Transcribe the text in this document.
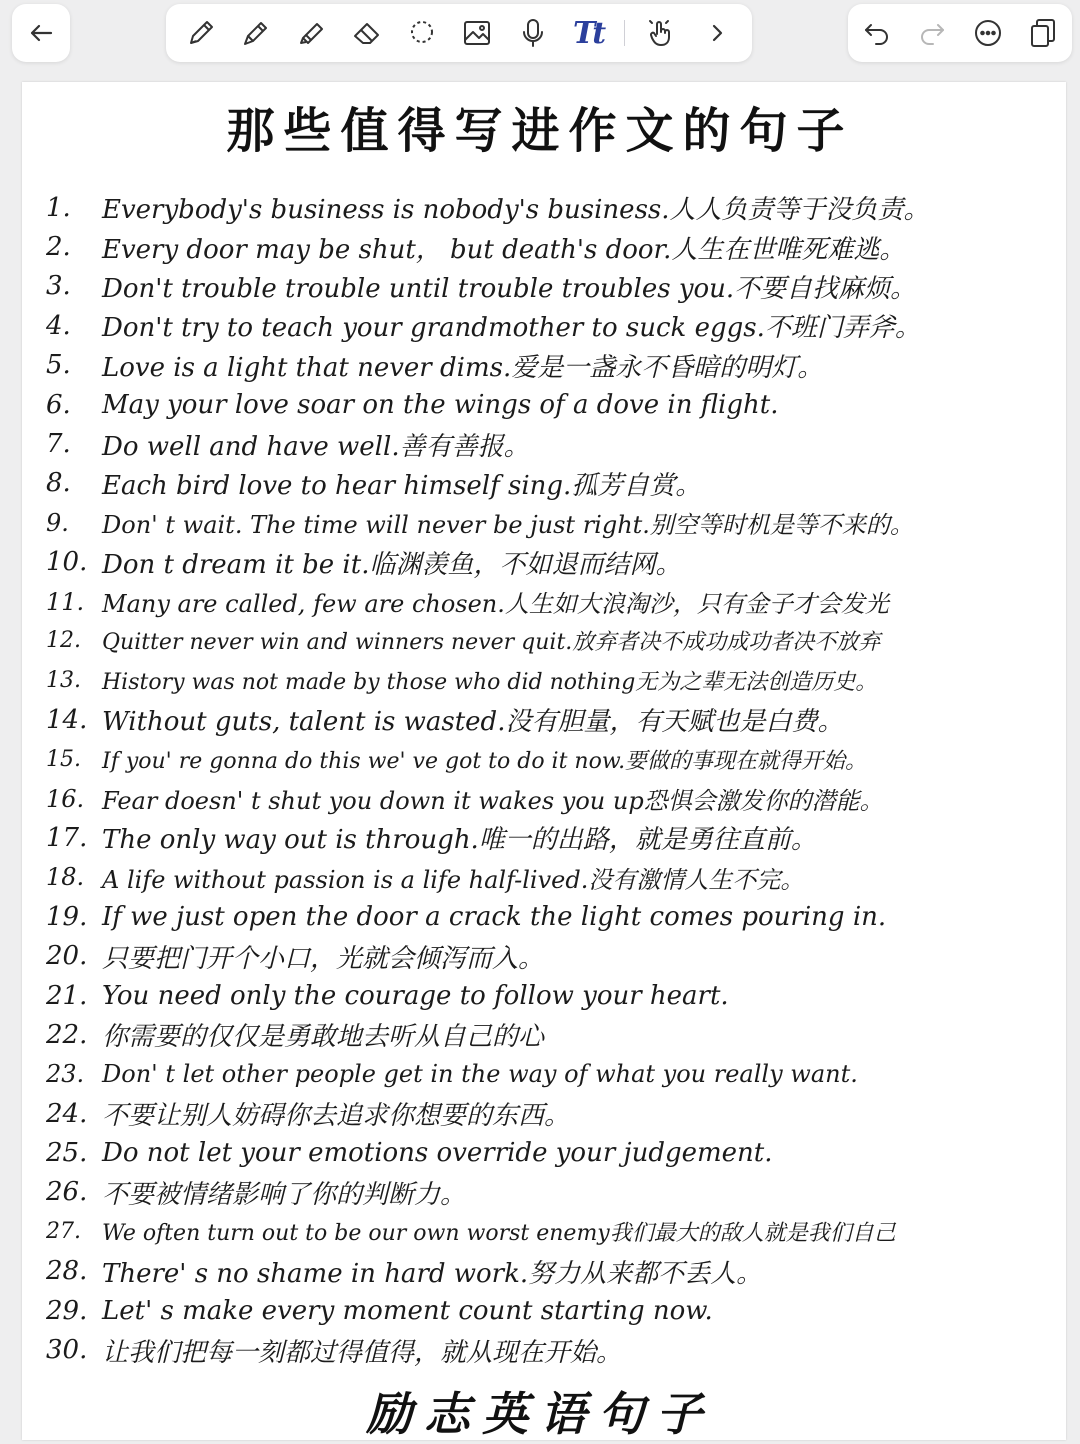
Tt
那些值得写进作文的句子
1.	Everybody's business is nobody's business.人人负责等于没负责。
2.	Every door may be shut， but death's door.人生在世唯死难逃。
3.	Don't trouble trouble until trouble troubles you.不要自找麻烦。
4.	Don't try to teach your grandmother to suck eggs.不班门弄斧。
5.	Love is a light that never dims.爱是一盏永不昏暗的明灯。
6.	May your love soar on the wings of a dove in flight.
7.	Do well and have well.善有善报。
8.	Each bird love to hear himself sing.孤芳自赏。
9.	Don' t wait. The time will never be just right.别空等时机是等不来的。
10. Don t dream it be it.临渊羡鱼，不如退而结网。
11. Many are called, few are chosen.人生如大浪淘沙，只有金子才会发光
12. Quitter never win and winners never quit.放弃者决不成功成功者决不放弃
13. History was not made by those who did nothing无为之辈无法创造历史。
14. Without guts, talent is wasted.没有胆量，有天赋也是白费。
15. If you' re gonna do this we' ve got to do it now.要做的事现在就得开始。
16. Fear doesn' t shut you down it wakes you up恐惧会激发你的潜能。
17. The only way out is through.唯一的出路，就是勇往直前。
18. A life without passion is a life half-lived.没有激情人生不完。
19. If we just open the door a crack the light comes pouring in.
20. 只要把门开个小口，光就会倾泻而入。
21. You need only the courage to follow your heart.
22. 你需要的仅仅是勇敢地去听从自己的心
23. Don' t let other people get in the way of what you really want.
24. 不要让别人妨碍你去追求你想要的东西。
25. Do not let your emotions override your judgement.
26. 不要被情绪影响了你的判断力。
27. We often turn out to be our own worst enemy我们最大的敌人就是我们自己
28. There' s no shame in hard work.努力从来都不丢人。
29. Let' s make every moment count starting now.
30. 让我们把每一刻都过得值得，就从现在开始。
励志英语句子
